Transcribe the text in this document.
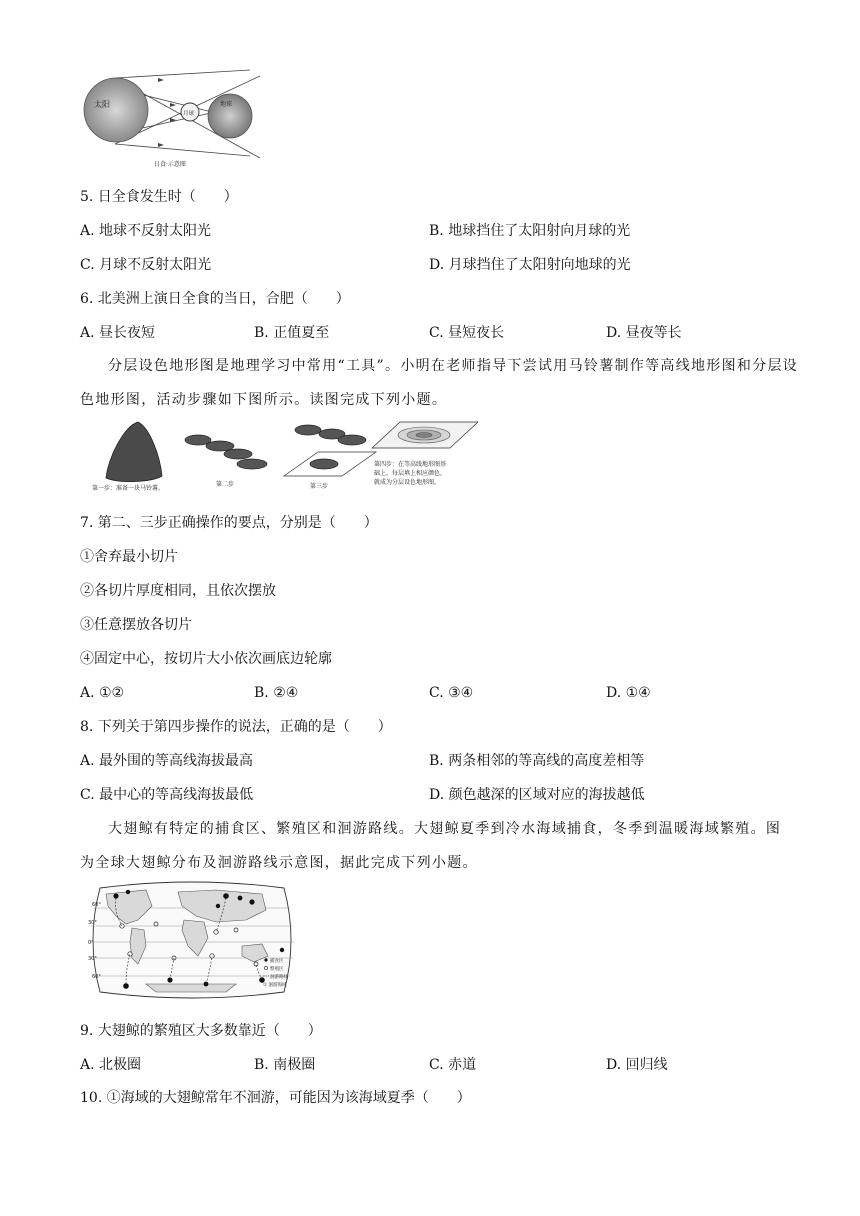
太阳
月球
地球
日食·示意图
5. 日全食发生时（　　）
A. 地球不反射太阳光	B. 地球挡住了太阳射向月球的光
C. 月球不反射太阳光	D. 月球挡住了太阳射向地球的光
6. 北美洲上演日全食的当日，合肥（　　）
A. 昼长夜短	B. 正值夏至	C. 昼短夜长	D. 昼夜等长
分层设色地形图是地理学习中常用“工具”。小明在老师指导下尝试用马铃薯制作等高线地形图和分层设
色地形图，活动步骤如下图所示。读图完成下列小题。
第一步：准备一块马铃薯。
第二步	第三步
第四步：在等高线地形图基
础上，每层填上相应颜色，
就成为分层设色地形图。
7. 第二、三步正确操作的要点，分别是（　　）
①舍弃最小切片
②各切片厚度相同，且依次摆放
③任意摆放各切片
④固定中心，按切片大小依次画底边轮廓
A. ①②	B. ②④	C. ③④	D. ①④
8. 下列关于第四步操作的说法，正确的是（　　）
A. 最外围的等高线海拔最高	B. 两条相邻的等高线的高度差相等
C. 最中心的等高线海拔最低	D. 颜色越深的区域对应的海拔越低
大翅鲸有特定的捕食区、繁殖区和洄游路线。大翅鲸夏季到冷水海域捕食，冬季到温暖海域繁殖。图
为全球大翅鲸分布及洄游路线示意图，据此完成下列小题。
60°
30°
0°
30°
60°
捕食区
繁殖区
洄游路线
① 洄游海域
9. 大翅鲸的繁殖区大多数靠近（　　）
A. 北极圈	B. 南极圈	C. 赤道	D. 回归线
10. ①海域的大翅鲸常年不洄游，可能因为该海域夏季（　　）
